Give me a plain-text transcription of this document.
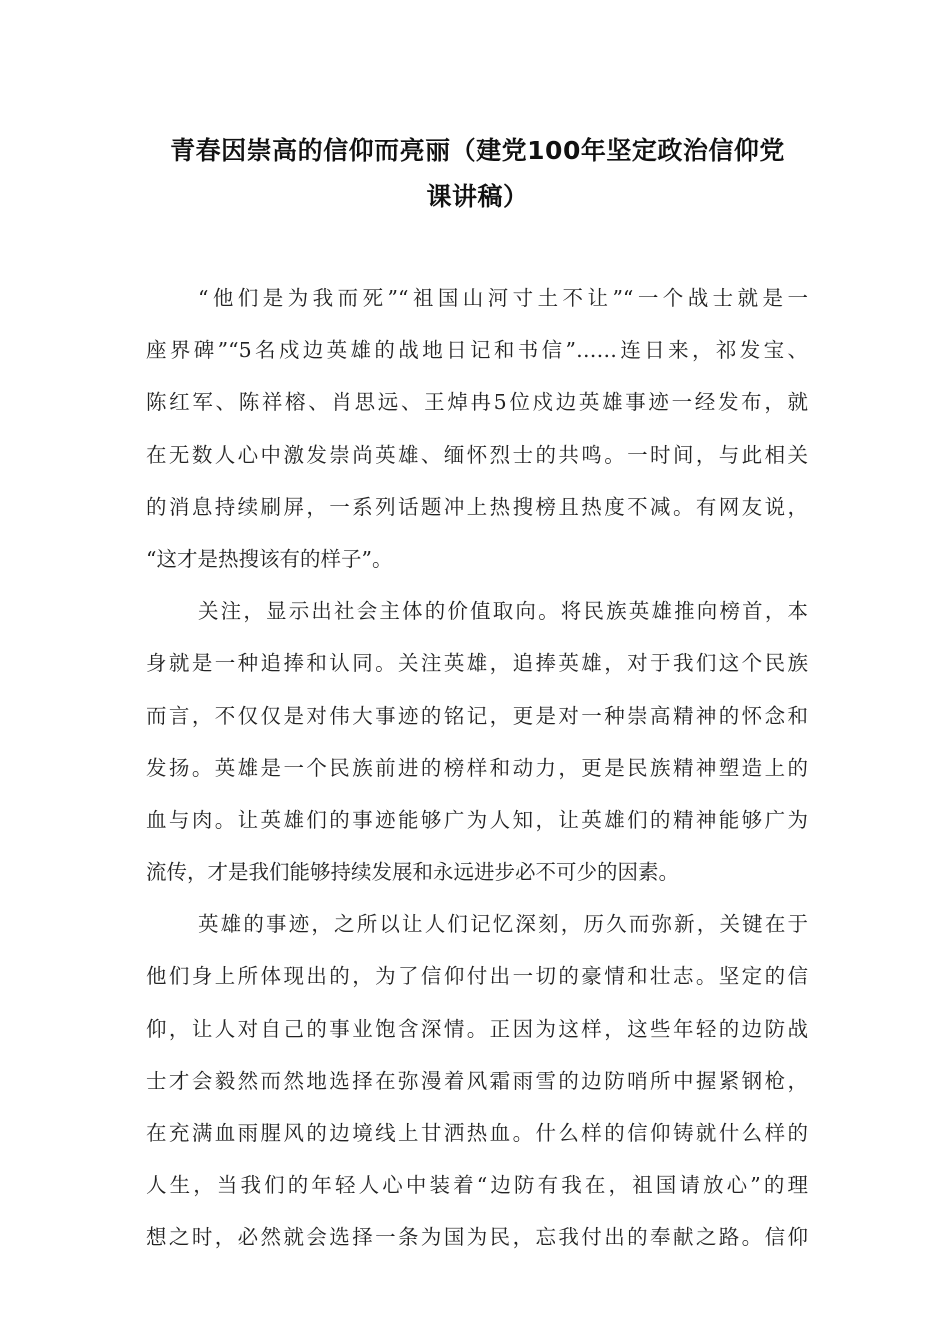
青春因崇高的信仰而亮丽（建党100年坚定政治信仰党
课讲稿）
“他们是为我而死”“祖国山河寸土不让”“一个战士就是一
座界碑”“5名戍边英雄的战地日记和书信”……连日来，祁发宝、
陈红军、陈祥榕、肖思远、王焯冉5位戍边英雄事迹一经发布，就
在无数人心中激发崇尚英雄、缅怀烈士的共鸣。一时间，与此相关
的消息持续刷屏，一系列话题冲上热搜榜且热度不减。有网友说，
“这才是热搜该有的样子”。
关注，显示出社会主体的价值取向。将民族英雄推向榜首，本
身就是一种追捧和认同。关注英雄，追捧英雄，对于我们这个民族
而言，不仅仅是对伟大事迹的铭记，更是对一种崇高精神的怀念和
发扬。英雄是一个民族前进的榜样和动力，更是民族精神塑造上的
血与肉。让英雄们的事迹能够广为人知，让英雄们的精神能够广为
流传，才是我们能够持续发展和永远进步必不可少的因素。
英雄的事迹，之所以让人们记忆深刻，历久而弥新，关键在于
他们身上所体现出的，为了信仰付出一切的豪情和壮志。坚定的信
仰，让人对自己的事业饱含深情。正因为这样，这些年轻的边防战
士才会毅然而然地选择在弥漫着风霜雨雪的边防哨所中握紧钢枪，
在充满血雨腥风的边境线上甘洒热血。什么样的信仰铸就什么样的
人生，当我们的年轻人心中装着“边防有我在，祖国请放心”的理
想之时，必然就会选择一条为国为民，忘我付出的奉献之路。信仰
